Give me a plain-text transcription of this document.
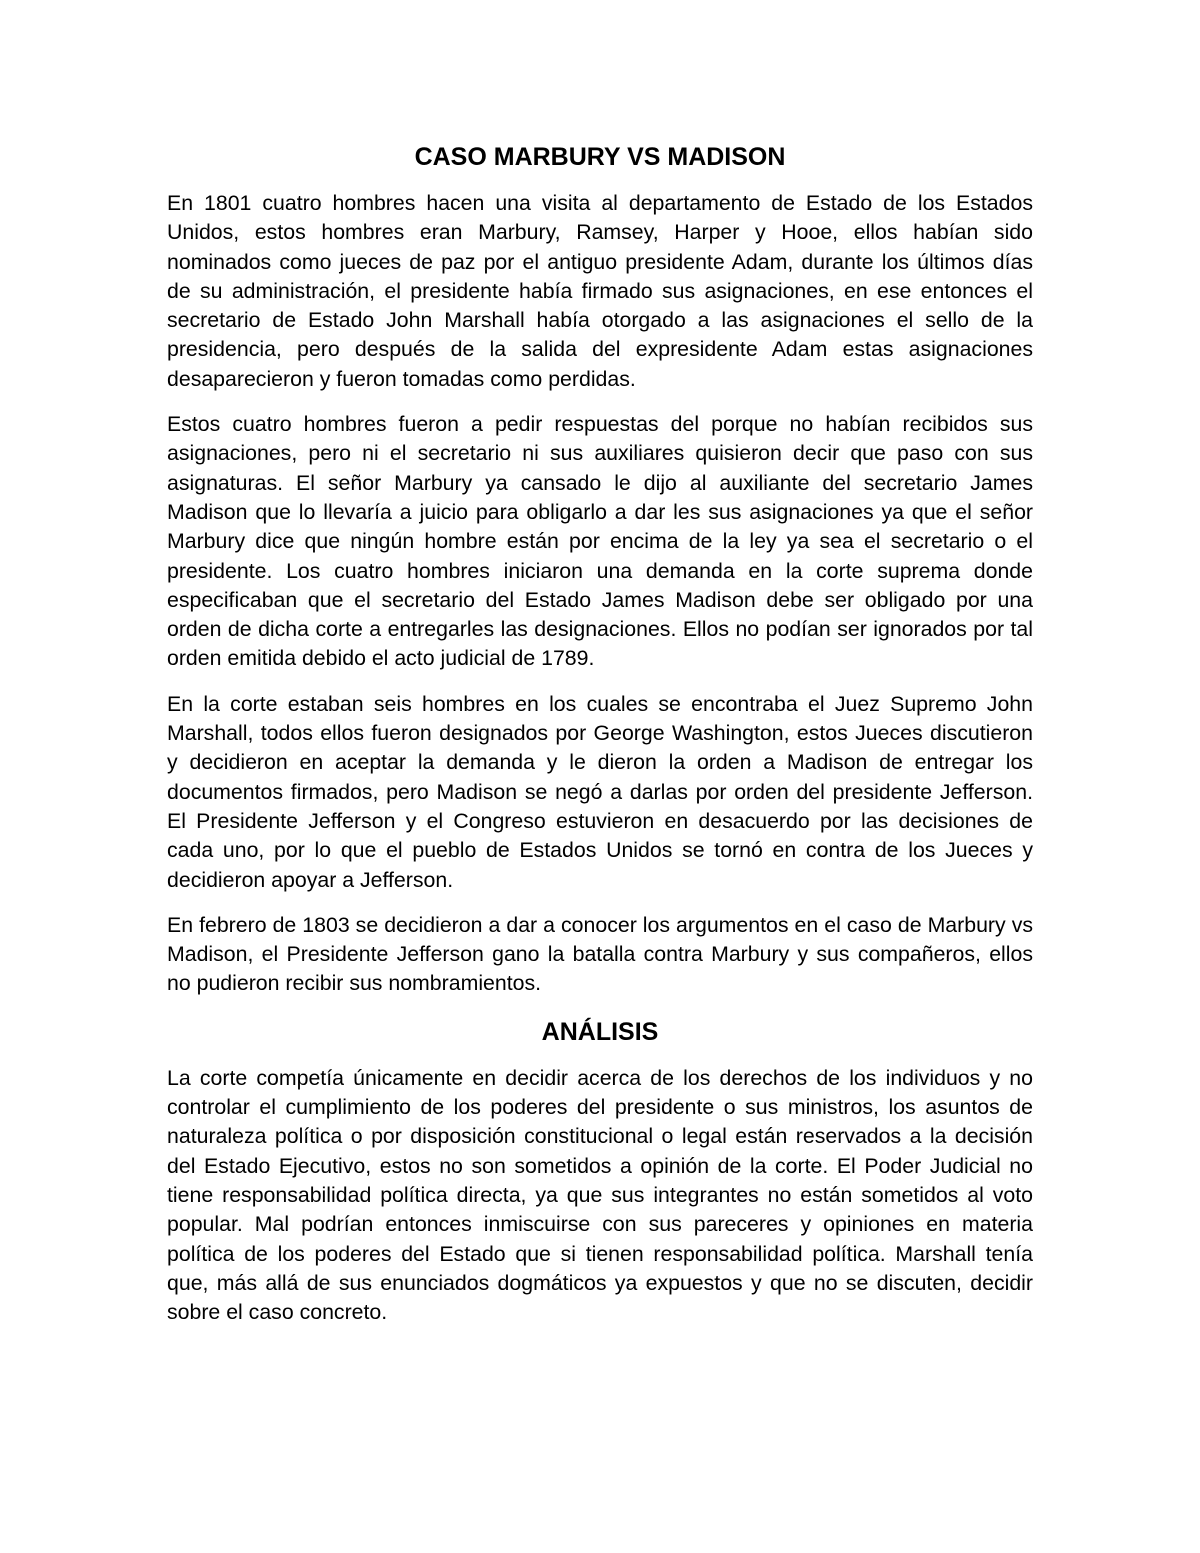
CASO MARBURY VS MADISON

En 1801 cuatro hombres hacen una visita al departamento de Estado de los Estados Unidos, estos hombres eran Marbury, Ramsey, Harper y Hooe, ellos habían sido nominados como jueces de paz por el antiguo presidente Adam, durante los últimos días de su administración, el presidente había firmado sus asignaciones, en ese entonces el secretario de Estado John Marshall había otorgado a las asignaciones el sello de la presidencia, pero después de la salida del expresidente Adam estas asignaciones desaparecieron y fueron tomadas como perdidas.

Estos cuatro hombres fueron a pedir respuestas del porque no habían recibidos sus asignaciones, pero ni el secretario ni sus auxiliares quisieron decir que paso con sus asignaturas. El señor Marbury ya cansado le dijo al auxiliante del secretario James Madison que lo llevaría a juicio para obligarlo a dar les sus asignaciones ya que el señor Marbury dice que ningún hombre están por encima de la ley ya sea el secretario o el presidente. Los cuatro hombres iniciaron una demanda en la corte suprema donde especificaban que el secretario del Estado James Madison debe ser obligado por una orden de dicha corte a entregarles las designaciones. Ellos no podían ser ignorados por tal orden emitida debido el acto judicial de 1789.

En la corte estaban seis hombres en los cuales se encontraba el Juez Supremo John Marshall, todos ellos fueron designados por George Washington, estos Jueces discutieron y decidieron en aceptar la demanda y le dieron la orden a Madison de entregar los documentos firmados, pero Madison se negó a darlas por orden del presidente Jefferson. El Presidente Jefferson y el Congreso estuvieron en desacuerdo por las decisiones de cada uno, por lo que el pueblo de Estados Unidos se tornó en contra de los Jueces y decidieron apoyar a Jefferson.

En febrero de 1803 se decidieron a dar a conocer los argumentos en el caso de Marbury vs Madison, el Presidente Jefferson gano la batalla contra Marbury y sus compañeros, ellos no pudieron recibir sus nombramientos.

ANÁLISIS

La corte competía únicamente en decidir acerca de los derechos de los individuos y no controlar el cumplimiento de los poderes del presidente o sus ministros, los asuntos de naturaleza política o por disposición constitucional o legal están reservados a la decisión del Estado Ejecutivo, estos no son sometidos a opinión de la corte. El Poder Judicial no tiene responsabilidad política directa, ya que sus integrantes no están sometidos al voto popular. Mal podrían entonces inmiscuirse con sus pareceres y opiniones en materia política de los poderes del Estado que si tienen responsabilidad política. Marshall tenía que, más allá de sus enunciados dogmáticos ya expuestos y que no se discuten, decidir sobre el caso concreto.
